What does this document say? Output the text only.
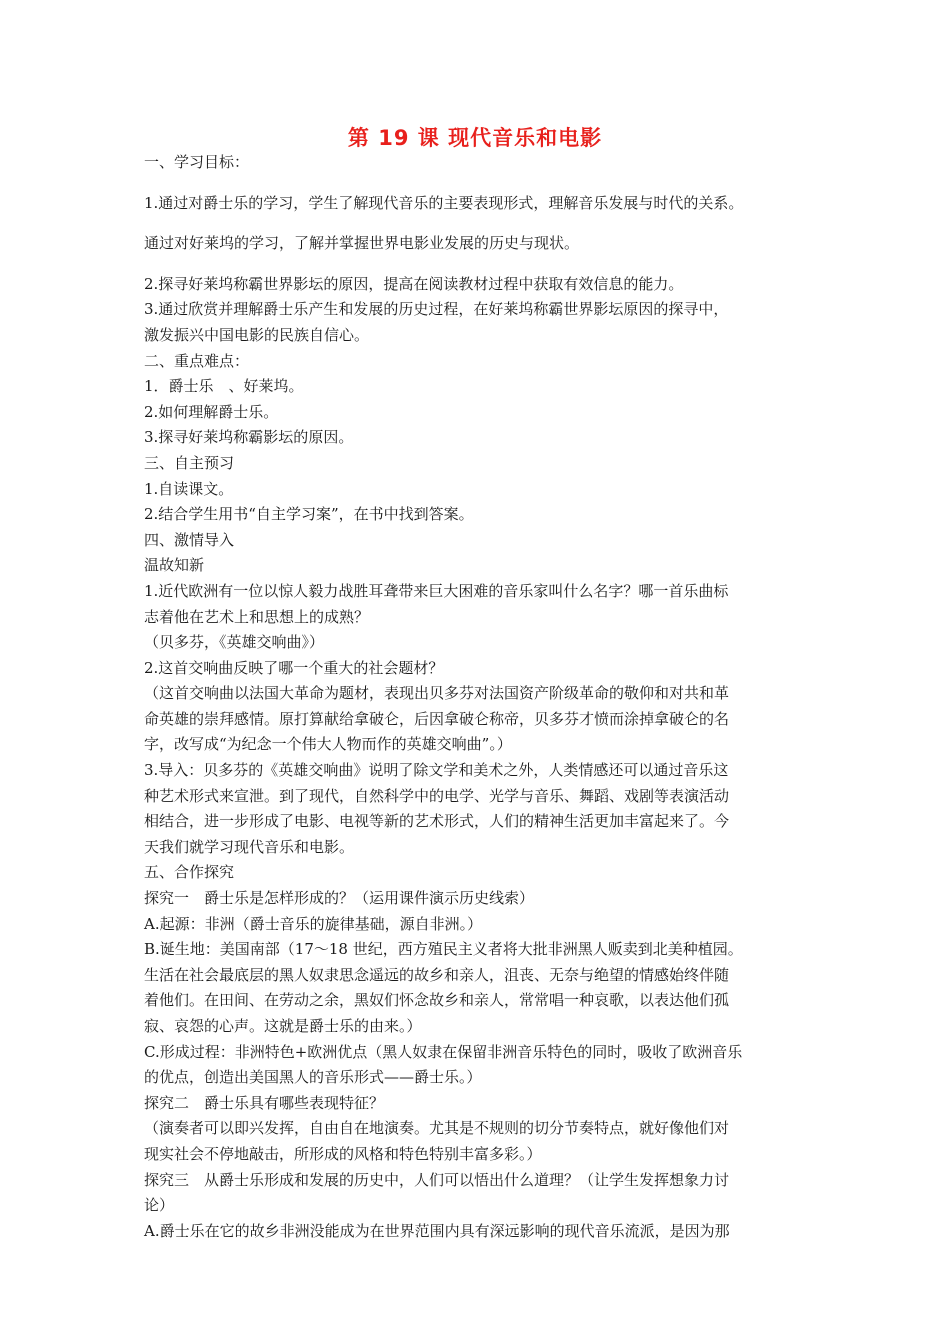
第 19 课 现代音乐和电影

一、学习目标：

1.通过对爵士乐的学习，学生了解现代音乐的主要表现形式，理解音乐发展与时代的关系。

通过对好莱坞的学习，了解并掌握世界电影业发展的历史与现状。

2.探寻好莱坞称霸世界影坛的原因，提高在阅读教材过程中获取有效信息的能力。

3.通过欣赏并理解爵士乐产生和发展的历史过程，在好莱坞称霸世界影坛原因的探寻中，

激发振兴中国电影的民族自信心。

二、重点难点：

1．爵士乐　、好莱坞。

2.如何理解爵士乐。

3.探寻好莱坞称霸影坛的原因。

三、自主预习

1.自读课文。

2.结合学生用书“自主学习案”，在书中找到答案。

四、激情导入

温故知新

1.近代欧洲有一位以惊人毅力战胜耳聋带来巨大困难的音乐家叫什么名字？哪一首乐曲标

志着他在艺术上和思想上的成熟？

（贝多芬，《英雄交响曲》）

2.这首交响曲反映了哪一个重大的社会题材？

（这首交响曲以法国大革命为题材，表现出贝多芬对法国资产阶级革命的敬仰和对共和革

命英雄的崇拜感情。原打算献给拿破仑，后因拿破仑称帝，贝多芬才愤而涂掉拿破仑的名

字，改写成“为纪念一个伟大人物而作的英雄交响曲”。）

3.导入：贝多芬的《英雄交响曲》说明了除文学和美术之外，人类情感还可以通过音乐这

种艺术形式来宣泄。到了现代，自然科学中的电学、光学与音乐、舞蹈、戏剧等表演活动

相结合，进一步形成了电影、电视等新的艺术形式，人们的精神生活更加丰富起来了。今

天我们就学习现代音乐和电影。

五、合作探究

探究一　爵士乐是怎样形成的？（运用课件演示历史线索）

A.起源：非洲（爵士音乐的旋律基础，源自非洲。）

B.诞生地：美国南部（17～18 世纪，西方殖民主义者将大批非洲黑人贩卖到北美种植园。

生活在社会最底层的黑人奴隶思念遥远的故乡和亲人，沮丧、无奈与绝望的情感始终伴随

着他们。在田间、在劳动之余，黑奴们怀念故乡和亲人，常常唱一种哀歌，以表达他们孤

寂、哀怨的心声。这就是爵士乐的由来。）

C.形成过程：非洲特色+欧洲优点（黑人奴隶在保留非洲音乐特色的同时，吸收了欧洲音乐

的优点，创造出美国黑人的音乐形式——爵士乐。）

探究二　爵士乐具有哪些表现特征？

（演奏者可以即兴发挥，自由自在地演奏。尤其是不规则的切分节奏特点，就好像他们对

现实社会不停地敲击，所形成的风格和特色特别丰富多彩。）

探究三　从爵士乐形成和发展的历史中，人们可以悟出什么道理？（让学生发挥想象力讨

论）

A.爵士乐在它的故乡非洲没能成为在世界范围内具有深远影响的现代音乐流派，是因为那
